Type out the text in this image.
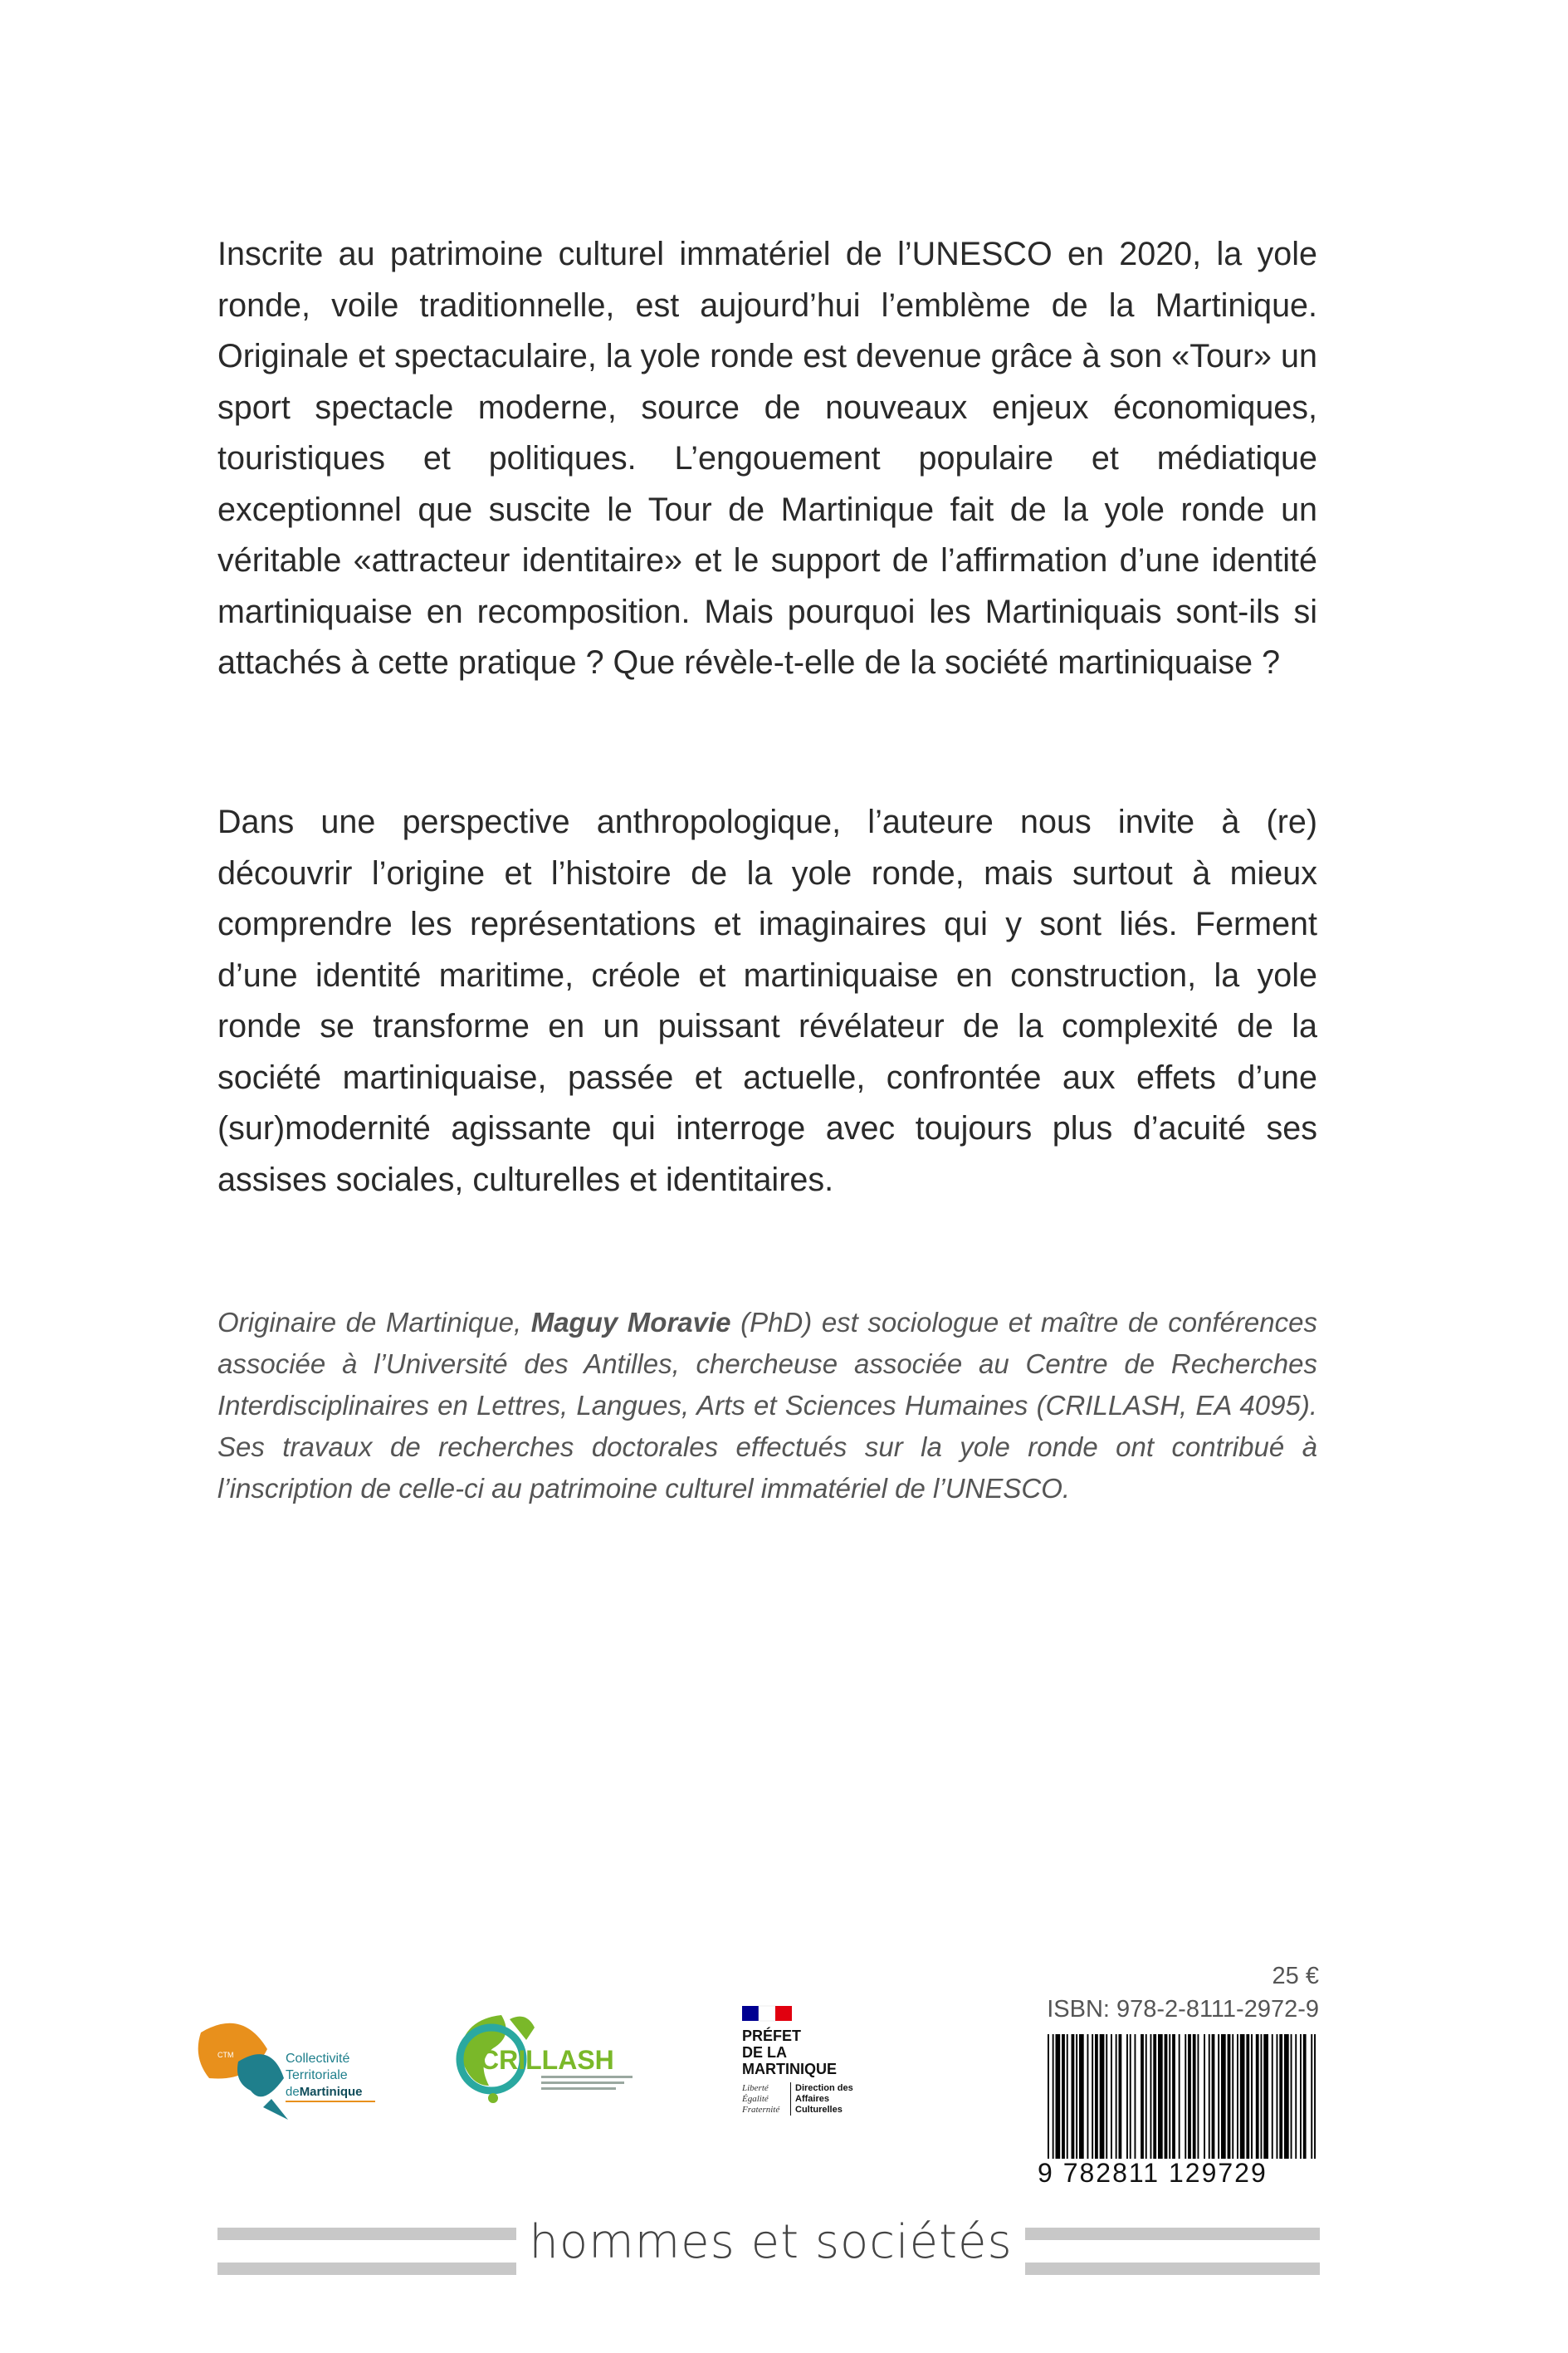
Inscrite au patrimoine culturel immatériel de l’UNESCO en 2020, la yole ronde, voile traditionnelle, est aujourd’hui l’emblème de la Martinique. Originale et spectaculaire, la yole ronde est devenue grâce à son «Tour» un sport spectacle moderne, source de nouveaux enjeux économiques, touristiques et politiques. L’engouement populaire et médiatique exceptionnel que suscite le Tour de Martinique fait de la yole ronde un véritable «attracteur identitaire» et le support de l’affirmation d’une identité martiniquaise en recomposition. Mais pourquoi les Martiniquais sont-ils si attachés à cette pratique ? Que révèle-t-elle de la société martiniquaise ?

Dans une perspective anthropologique, l’auteure nous invite à (re) découvrir l’origine et l’histoire de la yole ronde, mais surtout à mieux comprendre les représentations et imaginaires qui y sont liés. Ferment d’une identité maritime, créole et martiniquaise en construction, la yole ronde se transforme en un puissant révélateur de la complexité de la société martiniquaise, passée et actuelle, confrontée aux effets d’une (sur)modernité agissante qui interroge avec toujours plus d’acuité ses assises sociales, culturelles et identitaires.

Originaire de Martinique, Maguy Moravie (PhD) est sociologue et maître de conférences associée à l’Université des Antilles, chercheuse associée au Centre de Recherches Interdisciplinaires en Lettres, Langues, Arts et Sciences Humaines (CRILLASH, EA 4095). Ses travaux de recherches doctorales effectués sur la yole ronde ont contribué à l’inscription de celle-ci au patrimoine culturel immatériel de l’UNESCO.

CTM	Collectivité
Territoriale
deMartinique
CRILLASH
PRÉFET
DE LA
MARTINIQUE
Liberté
Égalité
Fraternité
Direction des
Affaires
Culturelles

25 €

ISBN: 978-2-8111-2972-9

9 782811 129729

hommes et sociétés
